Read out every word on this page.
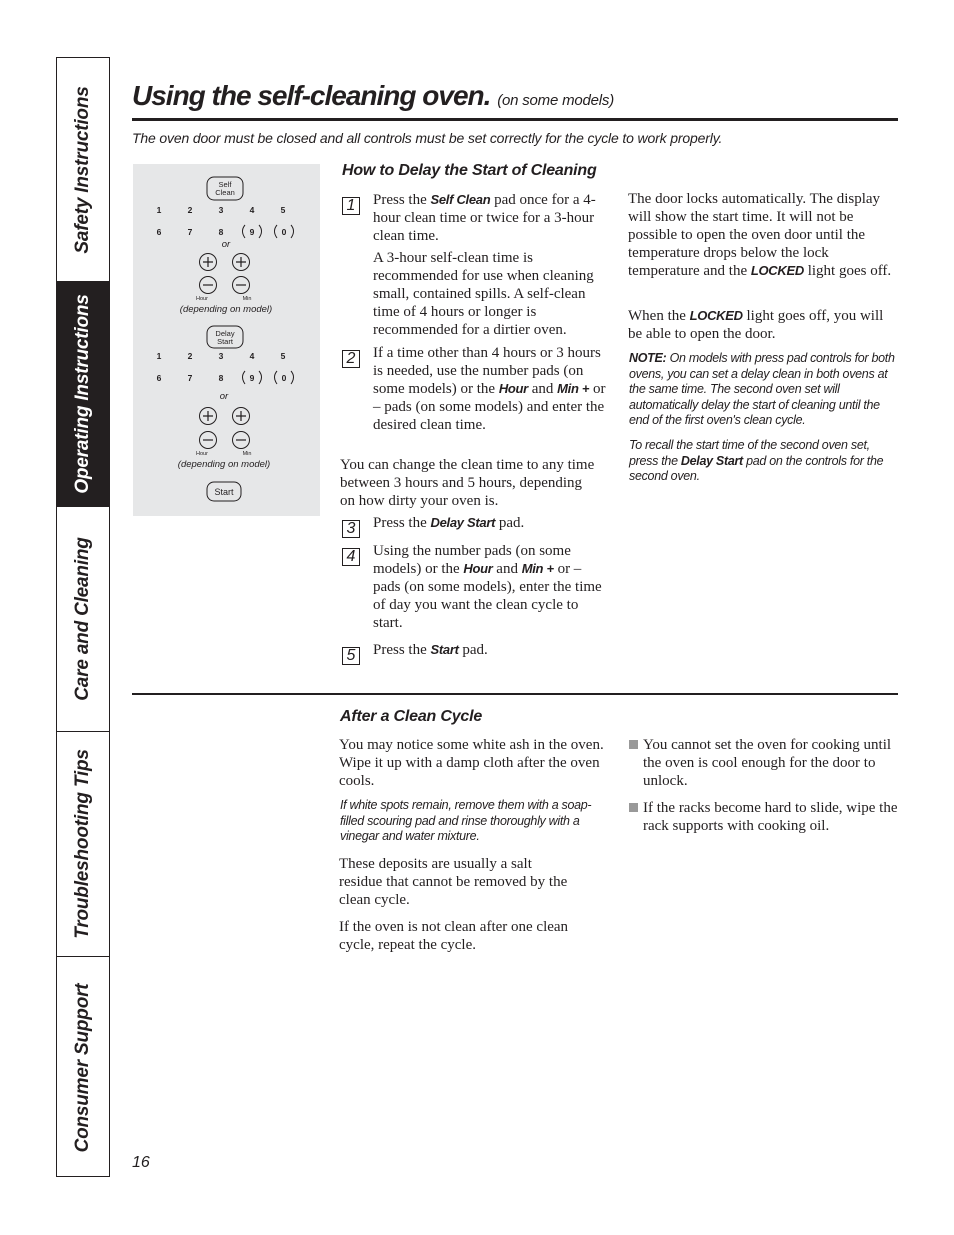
Safety Instructions
Operating Instructions
Care and Cleaning
Troubleshooting Tips
Consumer Support
Using the self-cleaning oven. (on some models)
The oven door must be closed and all controls must be set correctly for the cycle to work properly.
Self
Clean
1	2	3	4	5
6	7	8	9	0
or
Hour	Min
(depending on model)
Delay
Start
1	2	3	4	5
6	7	8	9	0
or
Hour	Min
(depending on model)
Start
How to Delay the Start of Cleaning
1	Press the Self Clean pad once for a 4-hour clean time or twice for a 3-hour clean time.

A 3-hour self-clean time is recommended for use when cleaning small, contained spills. A self-clean time of 4 hours or longer is recommended for a dirtier oven.

2	If a time other than 4 hours or 3 hours is needed, use the number pads (on some models) or the Hour and Min + or – pads (on some models) and enter the desired clean time.

You can change the clean time to any time between 3 hours and 5 hours, depending on how dirty your oven is.

3	Press the Delay Start pad.

4	Using the number pads (on some models) or the Hour and Min + or – pads (on some models), enter the time of day you want the clean cycle to start.

5	Press the Start pad.

The door locks automatically. The display will show the start time. It will not be possible to open the oven door until the temperature drops below the lock temperature and the LOCKED light goes off.

When the LOCKED light goes off, you will be able to open the door.

NOTE: On models with press pad controls for both ovens, you can set a delay clean in both ovens at the same time. The second oven set will automatically delay the start of cleaning until the end of the first oven's clean cycle.

To recall the start time of the second oven set, press the Delay Start pad on the controls for the second oven.

After a Clean Cycle

You may notice some white ash in the oven. Wipe it up with a damp cloth after the oven cools.

If white spots remain, remove them with a soap-filled scouring pad and rinse thoroughly with a vinegar and water mixture.

These deposits are usually a salt residue that cannot be removed by the clean cycle.

If the oven is not clean after one clean cycle, repeat the cycle.

You cannot set the oven for cooking until the oven is cool enough for the door to unlock.

If the racks become hard to slide, wipe the rack supports with cooking oil.

16
